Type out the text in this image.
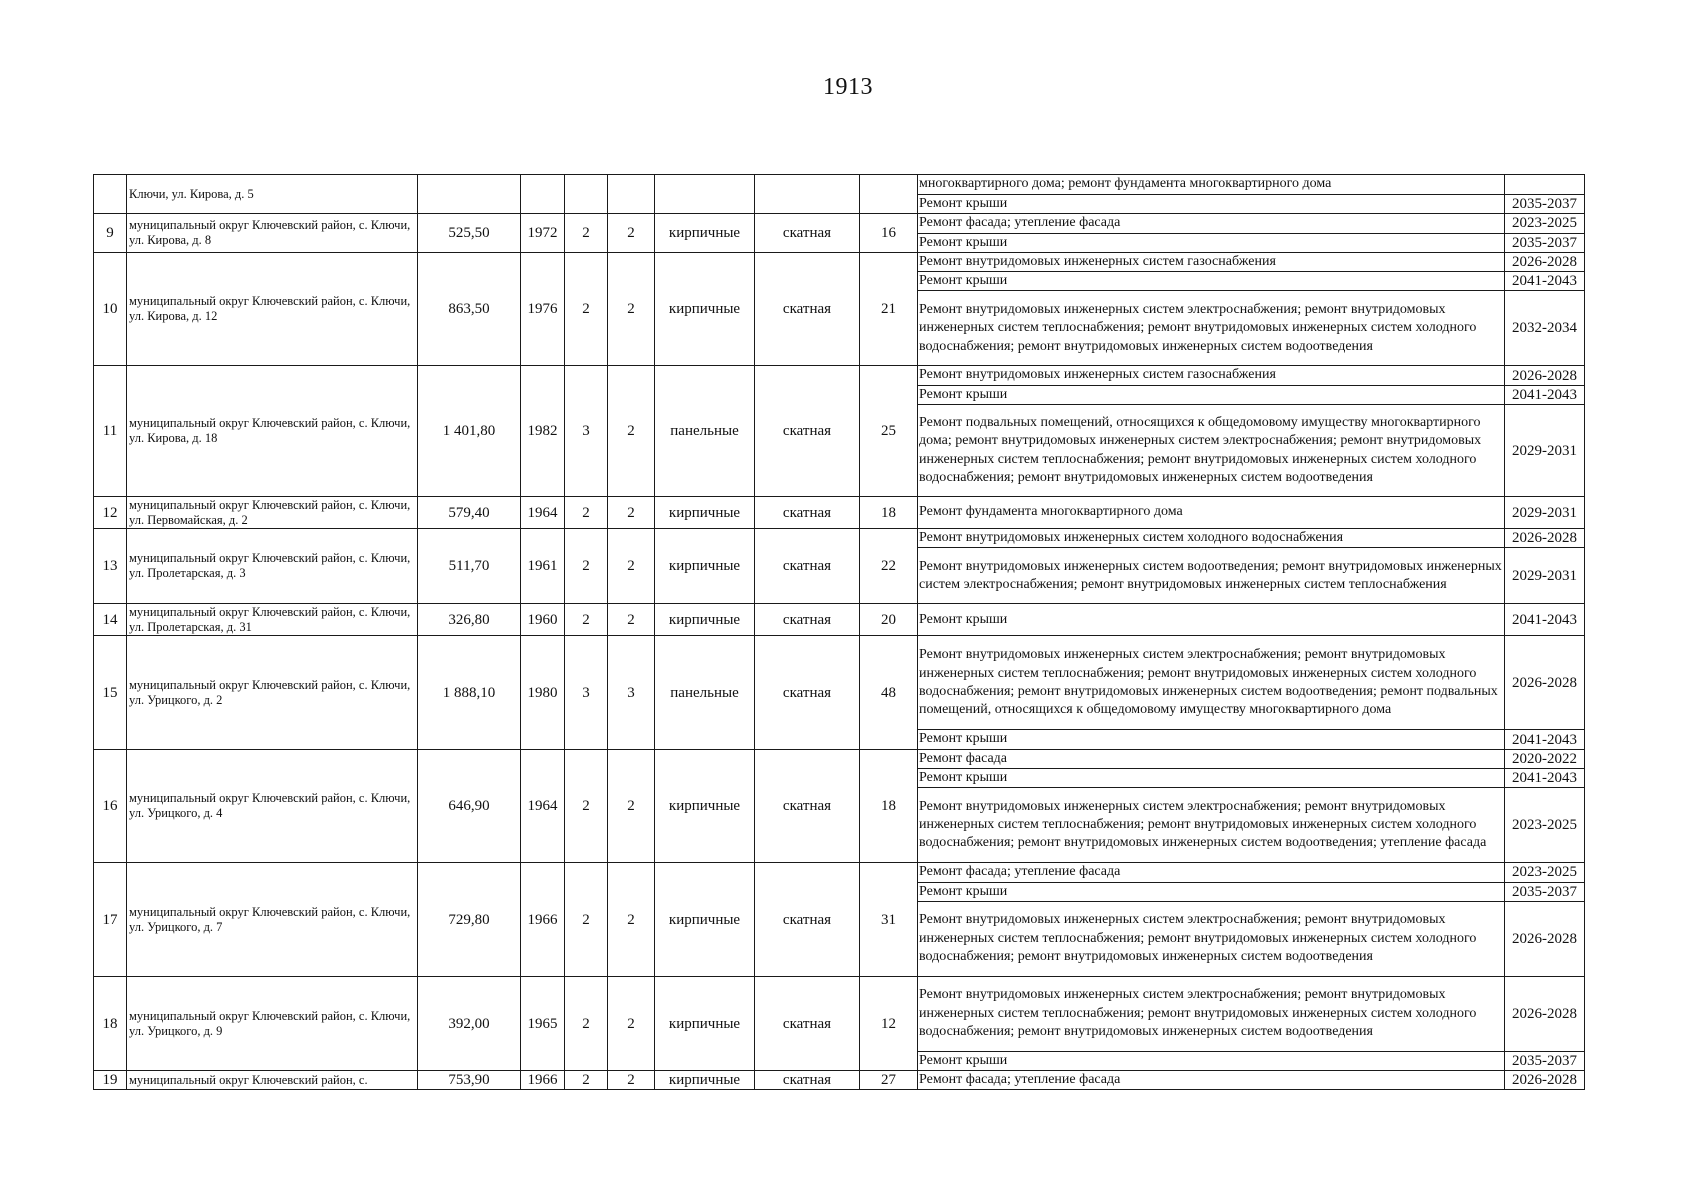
1913
	Ключи, ул. Кирова, д. 5								многоквартирного дома; ремонт фундамента многоквартирного дома	
									Ремонт крыши	2035-2037
9	муниципальный округ Ключевский район, с. Ключи, ул. Кирова, д. 8	525,50	1972	2	2	кирпичные	скатная	16	Ремонт фасада; утепление фасада	2023-2025
									Ремонт крыши	2035-2037
10	муниципальный округ Ключевский район, с. Ключи, ул. Кирова, д. 12	863,50	1976	2	2	кирпичные	скатная	21	Ремонт внутридомовых инженерных систем газоснабжения	2026-2028
									Ремонт крыши	2041-2043
									Ремонт внутридомовых инженерных систем электроснабжения; ремонт внутридомовых инженерных систем теплоснабжения; ремонт внутридомовых инженерных систем холодного водоснабжения; ремонт внутридомовых инженерных систем водоотведения	2032-2034
11	муниципальный округ Ключевский район, с. Ключи, ул. Кирова, д. 18	1 401,80	1982	3	2	панельные	скатная	25	Ремонт внутридомовых инженерных систем газоснабжения	2026-2028
									Ремонт крыши	2041-2043
									Ремонт подвальных помещений, относящихся к общедомовому имуществу многоквартирного дома; ремонт внутридомовых инженерных систем электроснабжения; ремонт внутридомовых инженерных систем теплоснабжения; ремонт внутридомовых инженерных систем холодного водоснабжения; ремонт внутридомовых инженерных систем водоотведения	2029-2031
12	муниципальный округ Ключевский район, с. Ключи, ул. Первомайская, д. 2	579,40	1964	2	2	кирпичные	скатная	18	Ремонт фундамента многоквартирного дома	2029-2031
13	муниципальный округ Ключевский район, с. Ключи, ул. Пролетарская, д. 3	511,70	1961	2	2	кирпичные	скатная	22	Ремонт внутридомовых инженерных систем холодного водоснабжения	2026-2028
									Ремонт внутридомовых инженерных систем водоотведения; ремонт внутридомовых инженерных систем электроснабжения; ремонт внутридомовых инженерных систем теплоснабжения	2029-2031
14	муниципальный округ Ключевский район, с. Ключи, ул. Пролетарская, д. 31	326,80	1960	2	2	кирпичные	скатная	20	Ремонт крыши	2041-2043
15	муниципальный округ Ключевский район, с. Ключи, ул. Урицкого, д. 2	1 888,10	1980	3	3	панельные	скатная	48	Ремонт внутридомовых инженерных систем электроснабжения; ремонт внутридомовых инженерных систем теплоснабжения; ремонт внутридомовых инженерных систем холодного водоснабжения; ремонт внутридомовых инженерных систем водоотведения; ремонт подвальных помещений, относящихся к общедомовому имуществу многоквартирного дома	2026-2028
									Ремонт крыши	2041-2043
16	муниципальный округ Ключевский район, с. Ключи, ул. Урицкого, д. 4	646,90	1964	2	2	кирпичные	скатная	18	Ремонт фасада	2020-2022
									Ремонт крыши	2041-2043
									Ремонт внутридомовых инженерных систем электроснабжения; ремонт внутридомовых инженерных систем теплоснабжения; ремонт внутридомовых инженерных систем холодного водоснабжения; ремонт внутридомовых инженерных систем водоотведения; утепление фасада	2023-2025
17	муниципальный округ Ключевский район, с. Ключи, ул. Урицкого, д. 7	729,80	1966	2	2	кирпичные	скатная	31	Ремонт фасада; утепление фасада	2023-2025
									Ремонт крыши	2035-2037
									Ремонт внутридомовых инженерных систем электроснабжения; ремонт внутридомовых инженерных систем теплоснабжения; ремонт внутридомовых инженерных систем холодного водоснабжения; ремонт внутридомовых инженерных систем водоотведения	2026-2028
18	муниципальный округ Ключевский район, с. Ключи, ул. Урицкого, д. 9	392,00	1965	2	2	кирпичные	скатная	12	Ремонт внутридомовых инженерных систем электроснабжения; ремонт внутридомовых инженерных систем теплоснабжения; ремонт внутридомовых инженерных систем холодного водоснабжения; ремонт внутридомовых инженерных систем водоотведения	2026-2028
									Ремонт крыши	2035-2037
19	муниципальный округ Ключевский район, с.	753,90	1966	2	2	кирпичные	скатная	27	Ремонт фасада; утепление фасада	2026-2028
